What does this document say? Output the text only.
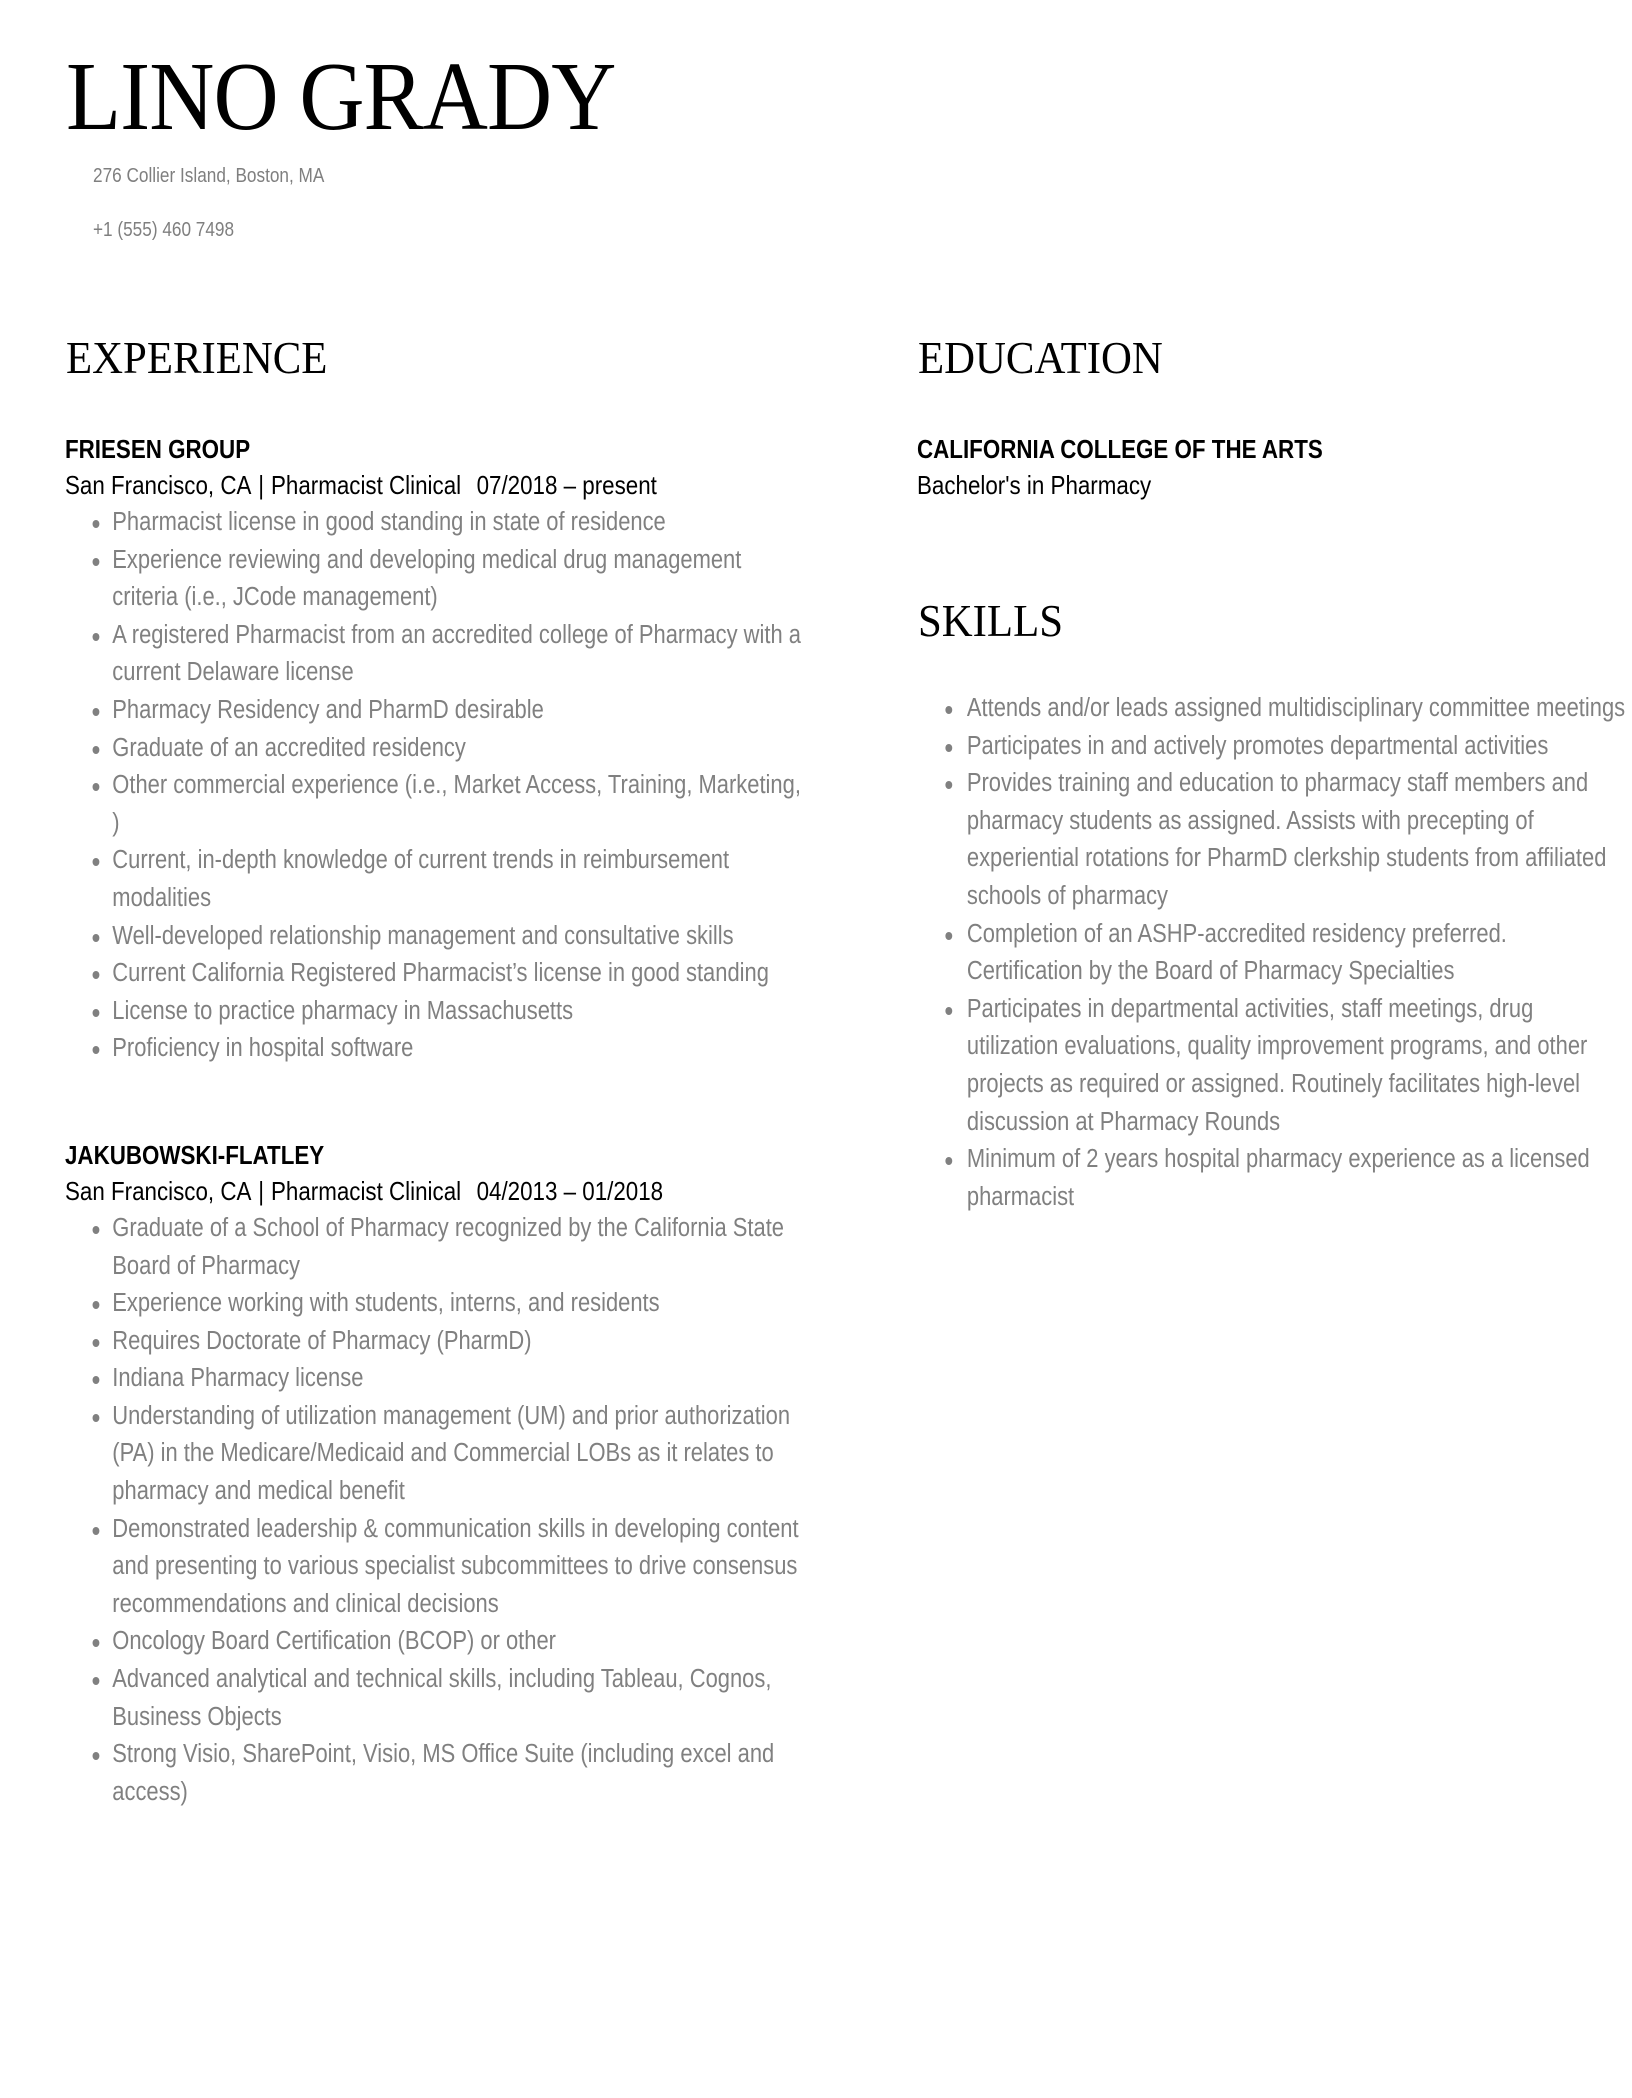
LINO GRADY
276 Collier Island, Boston, MA
+1 (555) 460 7498
EXPERIENCE	EDUCATION
SKILLS
FRIESEN GROUP
San Francisco, CA | Pharmacist Clinical 07/2018 – present
Pharmacist license in good standing in state of residence
Experience reviewing and developing medical drug management criteria (i.e., JCode management)
A registered Pharmacist from an accredited college of Pharmacy with a current Delaware license
Pharmacy Residency and PharmD desirable
Graduate of an accredited residency
Other commercial experience (i.e., Market Access, Training, Marketing, )
Current, in-depth knowledge of current trends in reimbursement modalities
Well-developed relationship management and consultative skills
Current California Registered Pharmacist’s license in good standing
License to practice pharmacy in Massachusetts
Proficiency in hospital software
JAKUBOWSKI-FLATLEY
San Francisco, CA | Pharmacist Clinical 04/2013 – 01/2018
Graduate of a School of Pharmacy recognized by the California State Board of Pharmacy
Experience working with students, interns, and residents
Requires Doctorate of Pharmacy (PharmD)
Indiana Pharmacy license
Understanding of utilization management (UM) and prior authorization (PA) in the Medicare/Medicaid and Commercial LOBs as it relates to pharmacy and medical benefit
Demonstrated leadership & communication skills in developing content and presenting to various specialist subcommittees to drive consensus recommendations and clinical decisions
Oncology Board Certification (BCOP) or other
Advanced analytical and technical skills, including Tableau, Cognos, Business Objects
Strong Visio, SharePoint, Visio, MS Office Suite (including excel and access)
CALIFORNIA COLLEGE OF THE ARTS
Bachelor's in Pharmacy
Attends and/or leads assigned multidisciplinary committee meetings
Participates in and actively promotes departmental activities
Provides training and education to pharmacy staff members and pharmacy students as assigned. Assists with precepting of experiential rotations for PharmD clerkship students from affiliated schools of pharmacy
Completion of an ASHP-accredited residency preferred. Certification by the Board of Pharmacy Specialties
Participates in departmental activities, staff meetings, drug utilization evaluations, quality improvement programs, and other projects as required or assigned. Routinely facilitates high-level discussion at Pharmacy Rounds
Minimum of 2 years hospital pharmacy experience as a licensed pharmacist
